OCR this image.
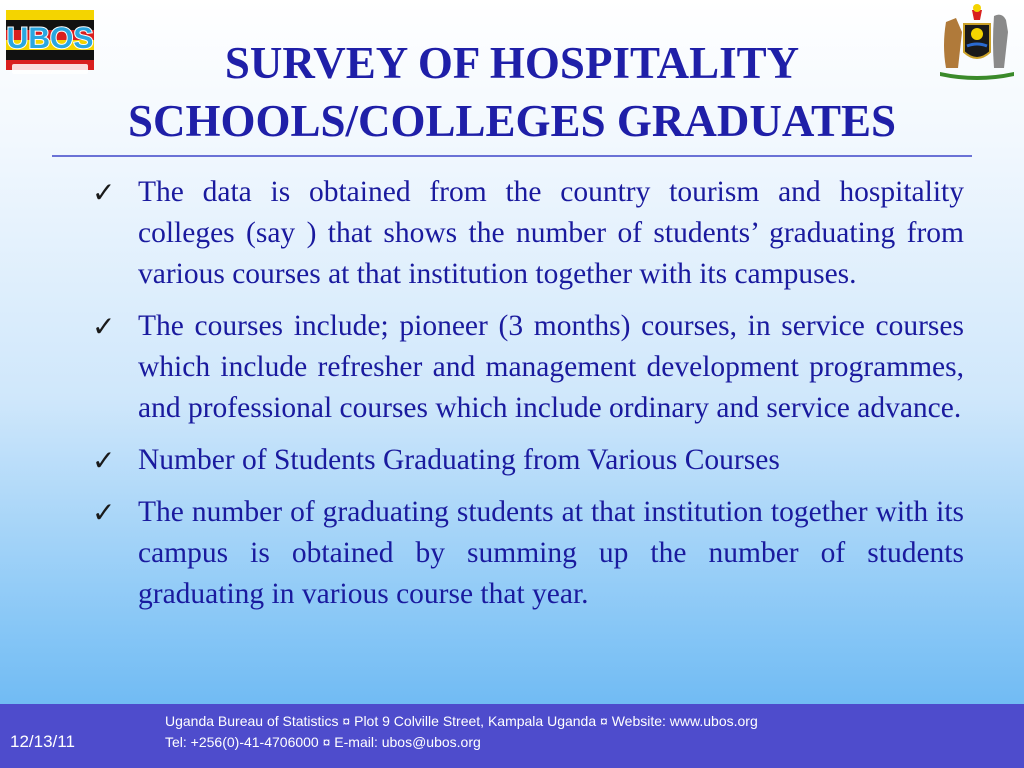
UBOS	SURVEY OF HOSPITALITY
SCHOOLS/COLLEGES GRADUATES
✓ The data is obtained from the country tourism and hospitality colleges (say ) that shows the number of students’ graduating from various courses at that institution together with its campuses.
✓ The courses include; pioneer (3 months) courses, in service courses which include refresher and management development programmes, and professional courses which include ordinary and service advance.
✓ Number of Students Graduating from Various Courses
✓ The number of graduating students at that institution together with its campus is obtained by summing up the number of students graduating in various course that year.
12/13/11
Uganda Bureau of Statistics ¤ Plot 9 Colville Street, Kampala Uganda ¤ Website: www.ubos.org
Tel: +256(0)-41-4706000 ¤ E-mail: ubos@ubos.org
